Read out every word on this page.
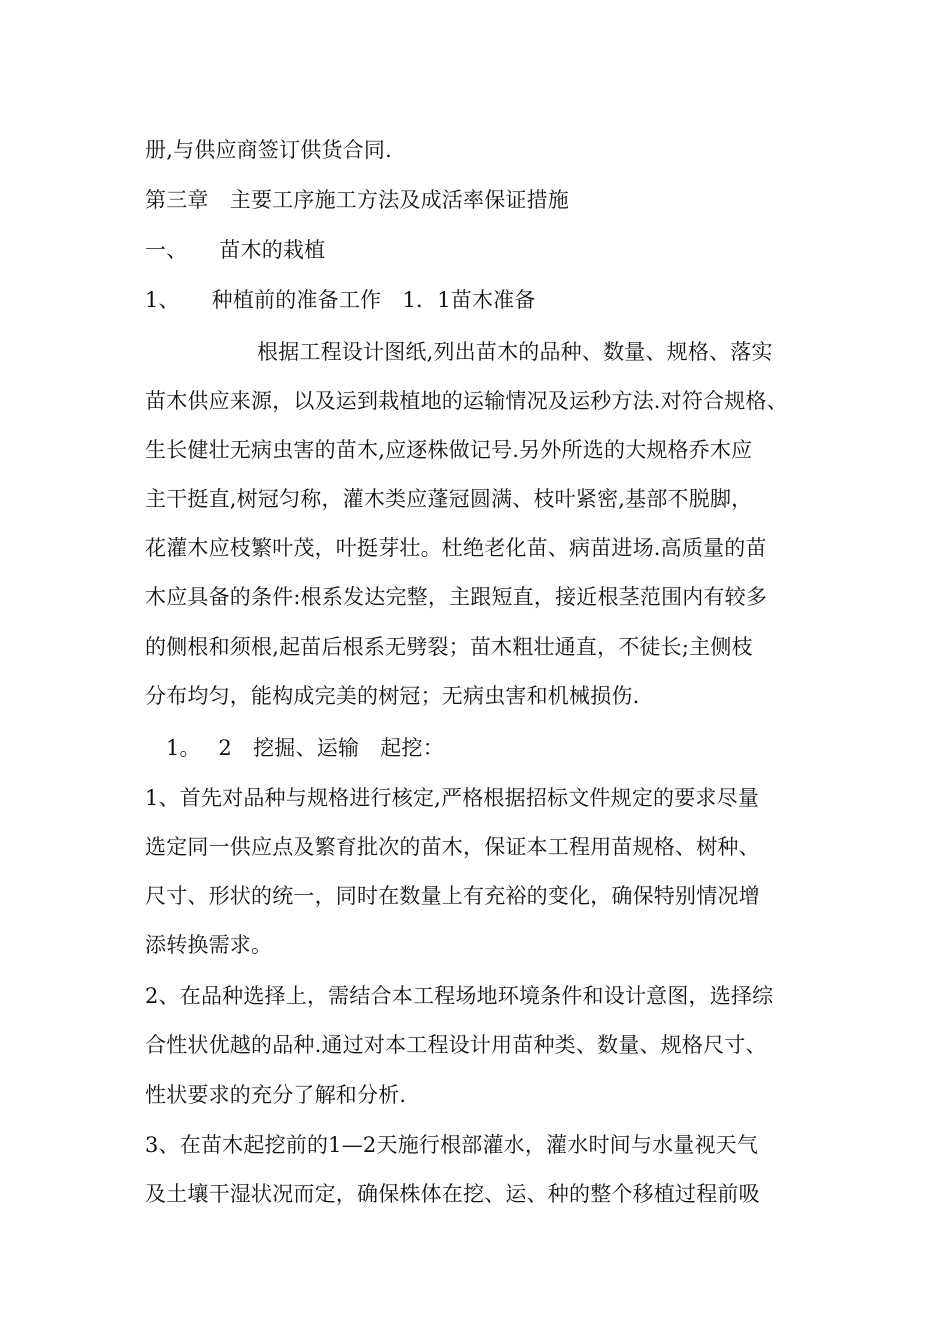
册,与供应商签订供货合同.
第三章　主要工序施工方法及成活率保证措施
一、　　苗木的栽植
1、　　种植前的准备工作　1．1苗木准备
根据工程设计图纸,列出苗木的品种、数量、规格、落实
苗木供应来源，以及运到栽植地的运输情况及运秒方法.对符合规格、
生长健壮无病虫害的苗木,应逐株做记号.另外所选的大规格乔木应
主干挺直,树冠匀称，灌木类应蓬冠圆满、枝叶紧密,基部不脱脚，
花灌木应枝繁叶茂，叶挺芽壮。杜绝老化苗、病苗进场.高质量的苗
木应具备的条件:根系发达完整，主跟短直，接近根茎范围内有较多
的侧根和须根,起苗后根系无劈裂；苗木粗壮通直，不徒长;主侧枝
分布均匀，能构成完美的树冠；无病虫害和机械损伤.
1。　 2　挖掘、运输　起挖：
1、首先对品种与规格进行核定,严格根据招标文件规定的要求尽量
选定同一供应点及繁育批次的苗木，保证本工程用苗规格、树种、
尺寸、形状的统一，同时在数量上有充裕的变化，确保特别情况增
添转换需求。
2、在品种选择上，需结合本工程场地环境条件和设计意图，选择综
合性状优越的品种.通过对本工程设计用苗种类、数量、规格尺寸、
性状要求的充分了解和分析.
3、在苗木起挖前的1—2天施行根部灌水，灌水时间与水量视天气
及土壤干湿状况而定，确保株体在挖、运、种的整个移植过程前吸
